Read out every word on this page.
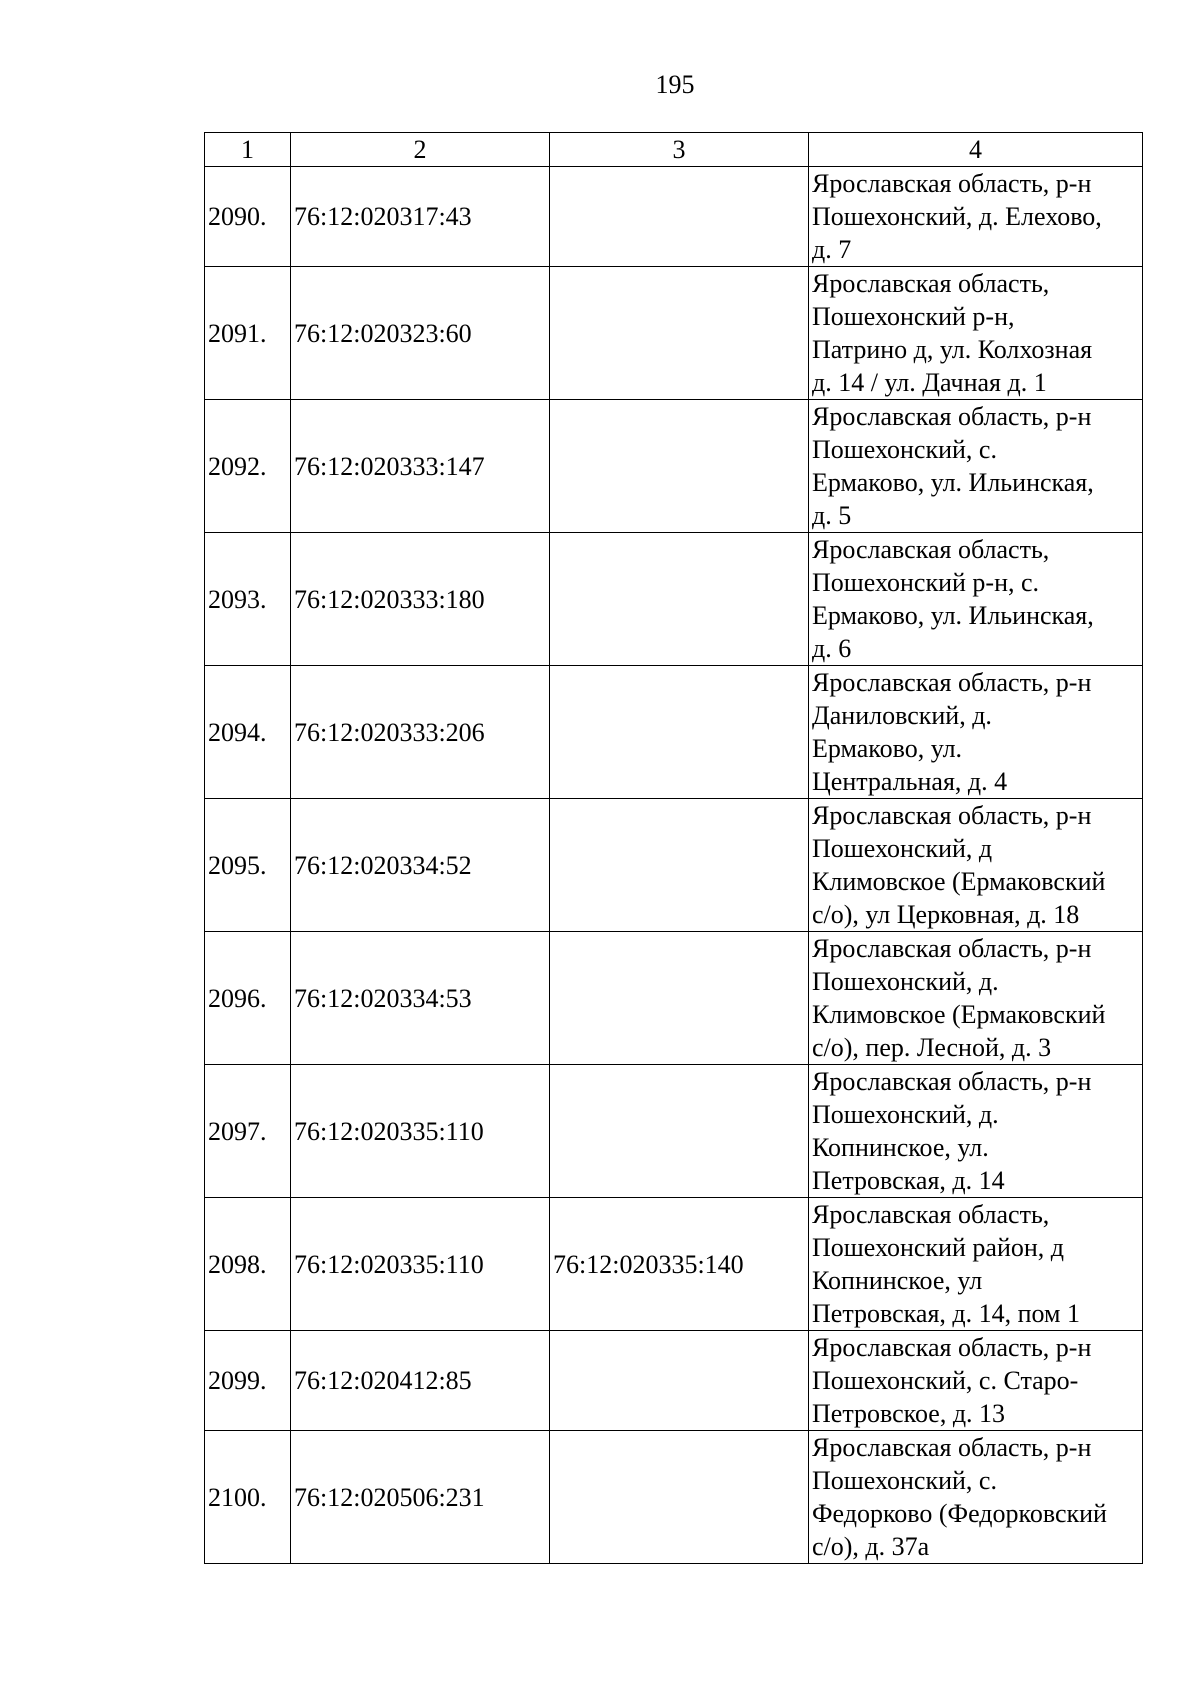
195
1	2	3	4
2090.	76:12:020317:43		Ярославская область, р-н
Пошехонский, д. Елехово,
д. 7
2091.	76:12:020323:60		Ярославская область,
Пошехонский р-н,
Патрино д, ул. Колхозная
д. 14 / ул. Дачная д. 1
2092.	76:12:020333:147		Ярославская область, р-н
Пошехонский, с.
Ермаково, ул. Ильинская,
д. 5
2093.	76:12:020333:180		Ярославская область,
Пошехонский р-н, с.
Ермаково, ул. Ильинская,
д. 6
2094.	76:12:020333:206		Ярославская область, р-н
Даниловский, д.
Ермаково, ул.
Центральная, д. 4
2095.	76:12:020334:52		Ярославская область, р-н
Пошехонский, д
Климовское (Ермаковский
с/о), ул Церковная, д. 18
2096.	76:12:020334:53		Ярославская область, р-н
Пошехонский, д.
Климовское (Ермаковский
с/о), пер. Лесной, д. 3
2097.	76:12:020335:110		Ярославская область, р-н
Пошехонский, д.
Копнинское, ул.
Петровская, д. 14
2098.	76:12:020335:110	76:12:020335:140	Ярославская область,
Пошехонский район, д
Копнинское, ул
Петровская, д. 14, пом 1
2099.	76:12:020412:85		Ярославская область, р-н
Пошехонский, с. Старо-
Петровское, д. 13
2100.	76:12:020506:231		Ярославская область, р-н
Пошехонский, с.
Федорково (Федорковский
с/о), д. 37а
